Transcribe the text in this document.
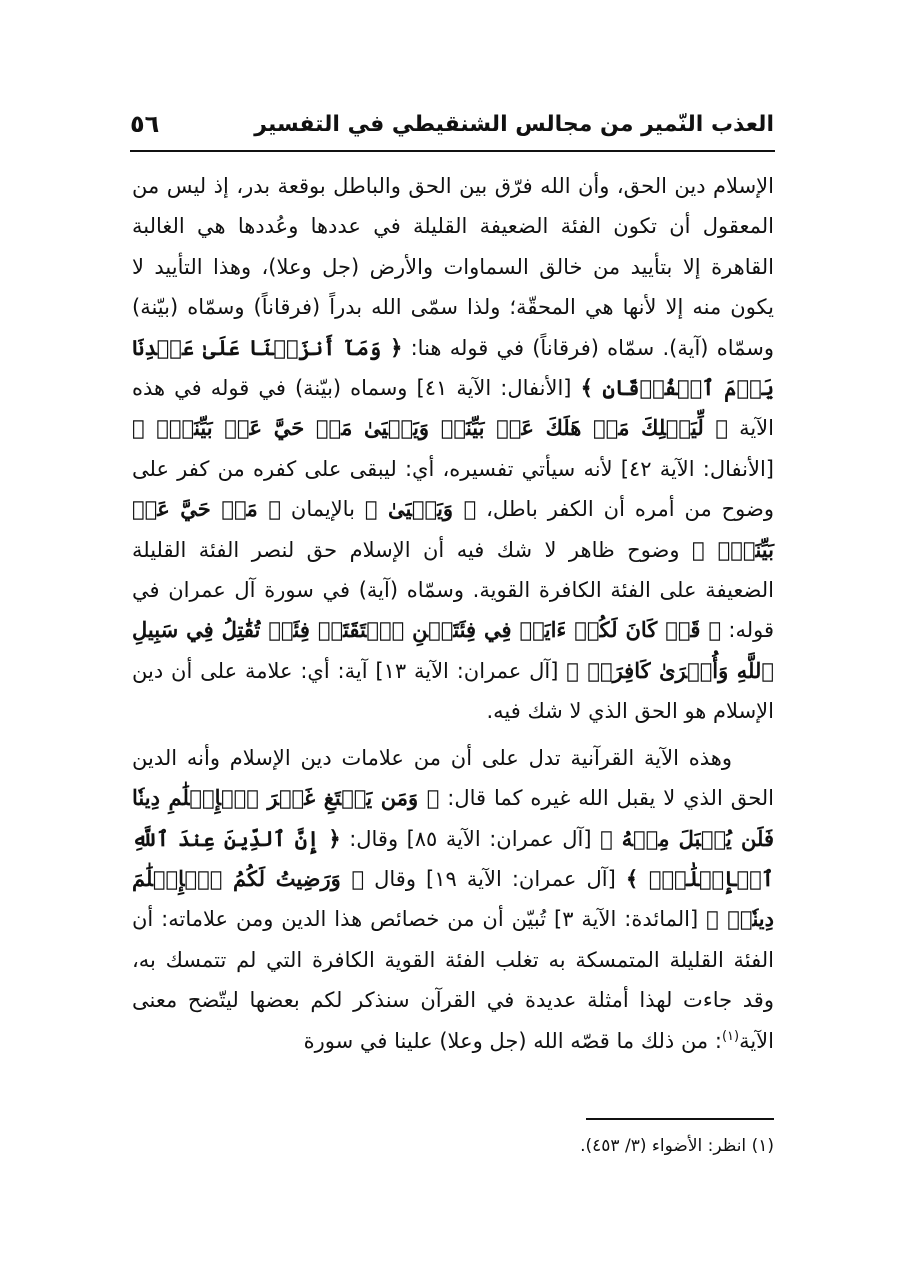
العذب النّمير من مجالس الشنقيطي في التفسير
٥٦

الإسلام دين الحق، وأن الله فرّق بين الحق والباطل بوقعة بدر، إذ ليس من المعقول أن تكون الفئة الضعيفة القليلة في عددها وعُددها هي الغالبة القاهرة إلا بتأييد من خالق السماوات والأرض (جل وعلا)، وهذا التأييد لا يكون منه إلا لأنها هي المحقّة؛ ولذا سمّى الله بدراً (فرقاناً) وسمّاه (بيّنة) وسمّاه (آية). سمّاه (فرقاناً) في قوله هنا: ﴿ وَمَآ أَنزَلۡنَا عَلَىٰ عَبۡدِنَا يَوۡمَ ٱلۡفُرۡقَانِ ﴾ [الأنفال: الآية ٤١] وسماه (بيّنة) في قوله في هذه الآية ﴿ لِّيَهۡلِكَ مَنۡ هَلَكَ عَنۢ بَيِّنَةٖ وَيَحۡيَىٰ مَنۡ حَيَّ عَنۢ بَيِّنَةٖۗ ﴾ [الأنفال: الآية ٤٢] لأنه سيأتي تفسيره، أي: ليبقى على كفره من كفر على وضوح من أمره أن الكفر باطل، ﴿ وَيَحۡيَىٰ ﴾ بالإيمان ﴿ مَنۡ حَيَّ عَنۢ بَيِّنَةٖۗ ﴾ وضوح ظاهر لا شك فيه أن الإسلام حق لنصر الفئة القليلة الضعيفة على الفئة الكافرة القوية. وسمّاه (آية) في سورة آل عمران في قوله: ﴿ قَدۡ كَانَ لَكُمۡ ءَايَةٞ فِي فِئَتَيۡنِ ٱلۡتَقَتَاۖ فِئَةٞ تُقَٰتِلُ فِي سَبِيلِ ٱللَّهِ وَأُخۡرَىٰ كَافِرَةٞ ﴾ [آل عمران: الآية ١٣] آية: أي: علامة على أن دين الإسلام هو الحق الذي لا شك فيه.

وهذه الآية القرآنية تدل على أن من علامات دين الإسلام وأنه الدين الحق الذي لا يقبل الله غيره كما قال: ﴿ وَمَن يَبۡتَغِ غَيۡرَ ٱلۡإِسۡلَٰمِ دِينٗا فَلَن يُقۡبَلَ مِنۡهُ ﴾ [آل عمران: الآية ٨٥] وقال: ﴿ إِنَّ ٱلدِّينَ عِندَ ٱللَّهِ ٱلۡإِسۡلَٰمُۗ ﴾ [آل عمران: الآية ١٩] وقال ﴿ وَرَضِيتُ لَكُمُ ٱلۡإِسۡلَٰمَ دِينٗاۚ ﴾ [المائدة: الآية ٣] تُبيّن أن من خصائص هذا الدين ومن علاماته: أن الفئة القليلة المتمسكة به تغلب الفئة القوية الكافرة التي لم تتمسك به، وقد جاءت لهذا أمثلة عديدة في القرآن سنذكر لكم بعضها ليتّضح معنى الآية$^{(١)}$: من ذلك ما قصّه الله (جل وعلا) علينا في سورة

(١) انظر: الأضواء (٣/ ٤٥٣).
